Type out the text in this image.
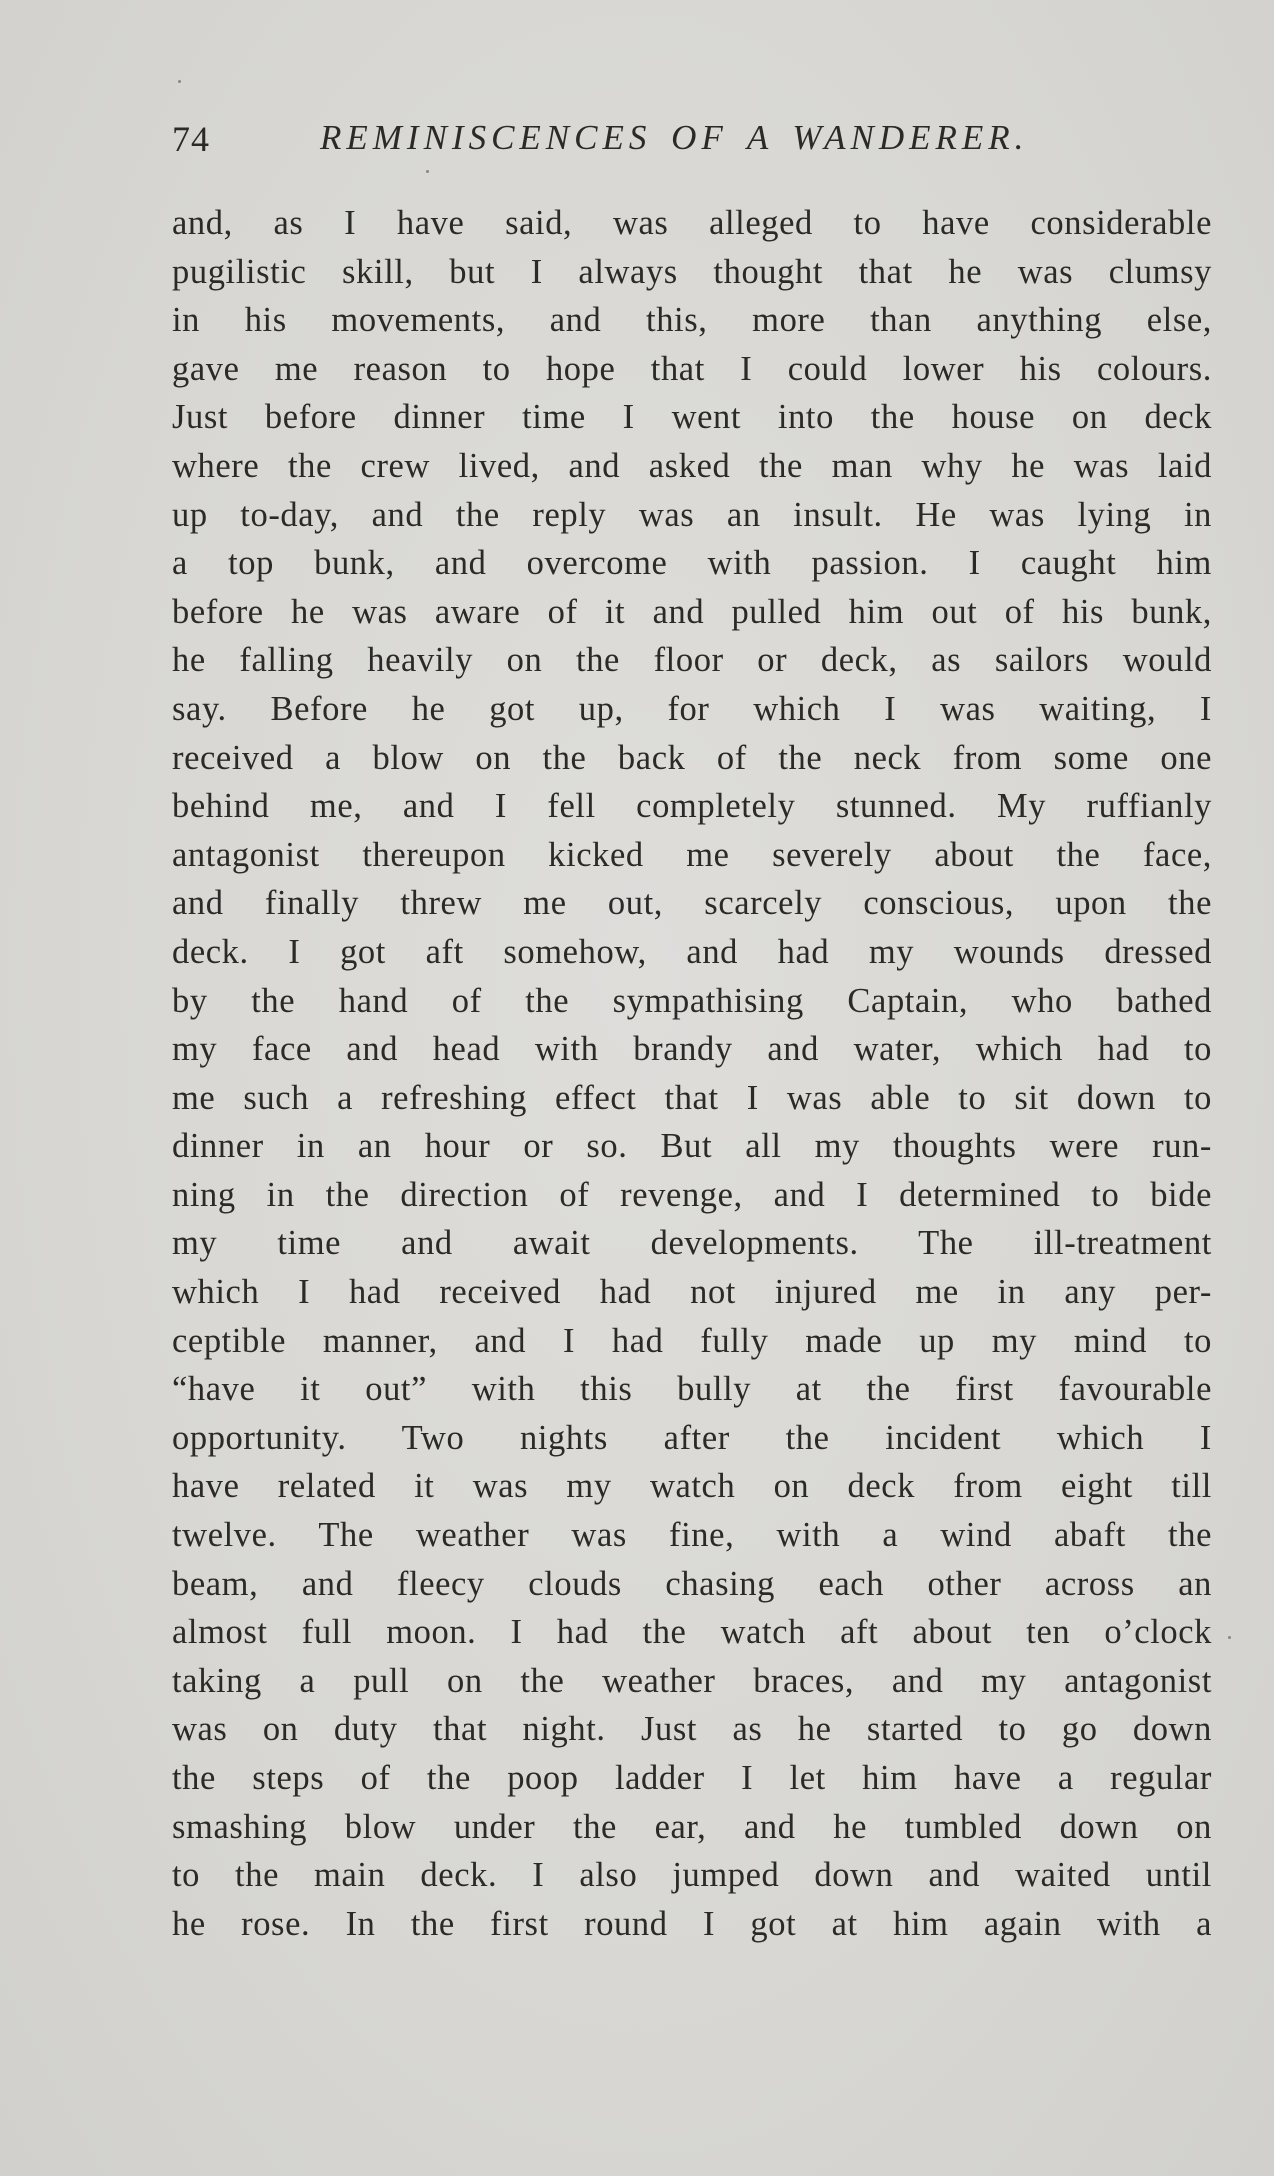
74	REMINISCENCES OF A WANDERER.
and, as I have said, was alleged to have considerable
pugilistic skill, but I always thought that he was clumsy
in his movements, and this, more than anything else,
gave me reason to hope that I could lower his colours.
Just before dinner time I went into the house on deck
where the crew lived, and asked the man why he was laid
up to-day, and the reply was an insult. He was lying in
a top bunk, and overcome with passion. I caught him
before he was aware of it and pulled him out of his bunk,
he falling heavily on the floor or deck, as sailors would
say. Before he got up, for which I was waiting, I
received a blow on the back of the neck from some one
behind me, and I fell completely stunned. My ruffianly
antagonist thereupon kicked me severely about the face,
and finally threw me out, scarcely conscious, upon the
deck. I got aft somehow, and had my wounds dressed
by the hand of the sympathising Captain, who bathed
my face and head with brandy and water, which had to
me such a refreshing effect that I was able to sit down to
dinner in an hour or so. But all my thoughts were run-
ning in the direction of revenge, and I determined to bide
my time and await developments. The ill-treatment
which I had received had not injured me in any per-
ceptible manner, and I had fully made up my mind to
“have it out” with this bully at the first favourable
opportunity. Two nights after the incident which I
have related it was my watch on deck from eight till
twelve. The weather was fine, with a wind abaft the
beam, and fleecy clouds chasing each other across an
almost full moon. I had the watch aft about ten o’clock
taking a pull on the weather braces, and my antagonist
was on duty that night. Just as he started to go down
the steps of the poop ladder I let him have a regular
smashing blow under the ear, and he tumbled down on
to the main deck. I also jumped down and waited until
he rose. In the first round I got at him again with a
